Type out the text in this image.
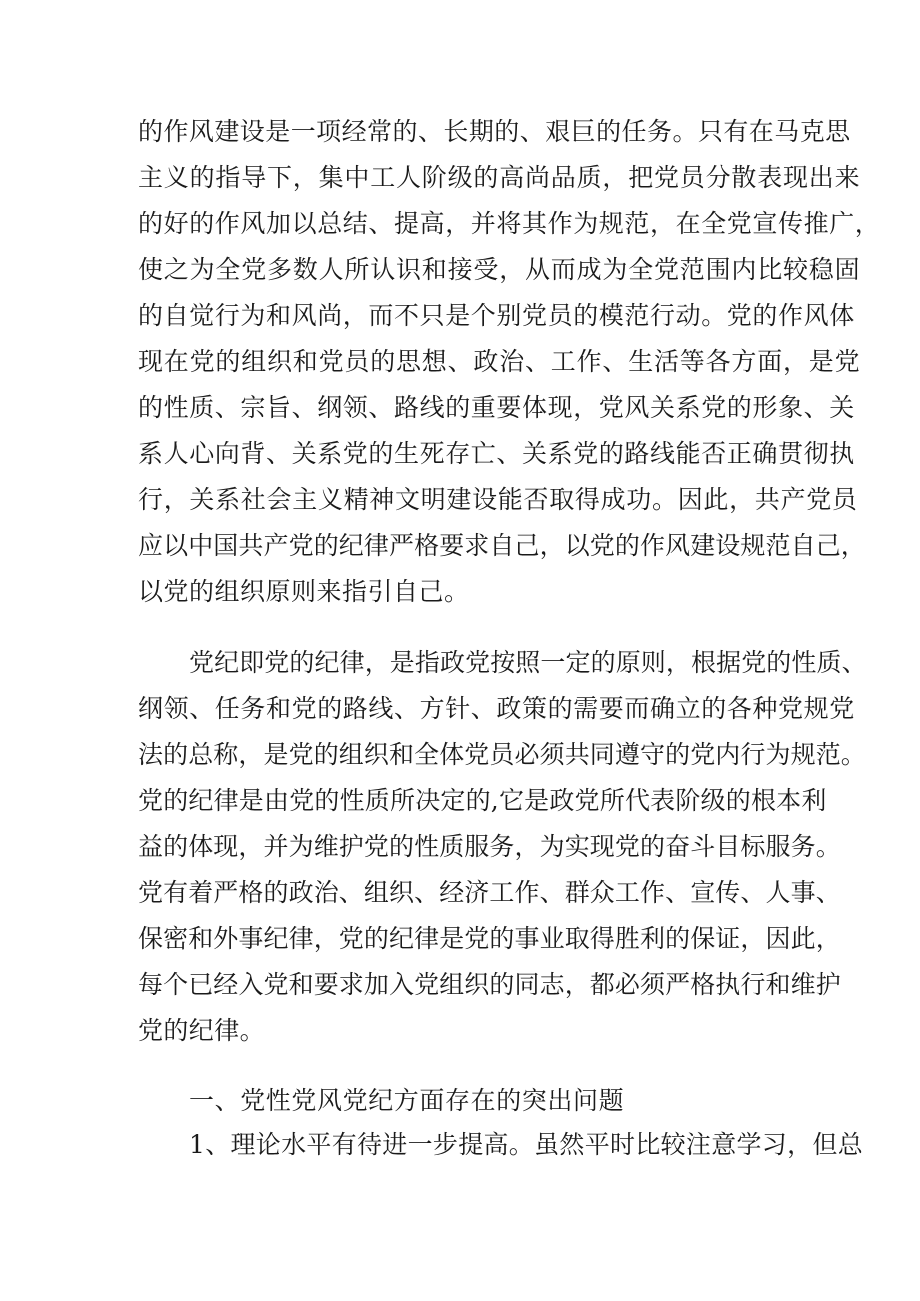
的作风建设是一项经常的、长期的、艰巨的任务。只有在马克思

主义的指导下，集中工人阶级的高尚品质，把党员分散表现出来

的好的作风加以总结、提高，并将其作为规范，在全党宣传推广，

使之为全党多数人所认识和接受，从而成为全党范围内比较稳固

的自觉行为和风尚，而不只是个别党员的模范行动。党的作风体

现在党的组织和党员的思想、政治、工作、生活等各方面，是党

的性质、宗旨、纲领、路线的重要体现，党风关系党的形象、关

系人心向背、关系党的生死存亡、关系党的路线能否正确贯彻执

行，关系社会主义精神文明建设能否取得成功。因此，共产党员

应以中国共产党的纪律严格要求自己，以党的作风建设规范自己，

以党的组织原则来指引自己。

党纪即党的纪律，是指政党按照一定的原则，根据党的性质、

纲领、任务和党的路线、方针、政策的需要而确立的各种党规党

法的总称，是党的组织和全体党员必须共同遵守的党内行为规范。

党的纪律是由党的性质所决定的,它是政党所代表阶级的根本利

益的体现，并为维护党的性质服务，为实现党的奋斗目标服务。

党有着严格的政治、组织、经济工作、群众工作、宣传、人事、

保密和外事纪律，党的纪律是党的事业取得胜利的保证，因此，

每个已经入党和要求加入党组织的同志，都必须严格执行和维护

党的纪律。

一、党性党风党纪方面存在的突出问题

1、理论水平有待进一步提高。虽然平时比较注意学习，但总
